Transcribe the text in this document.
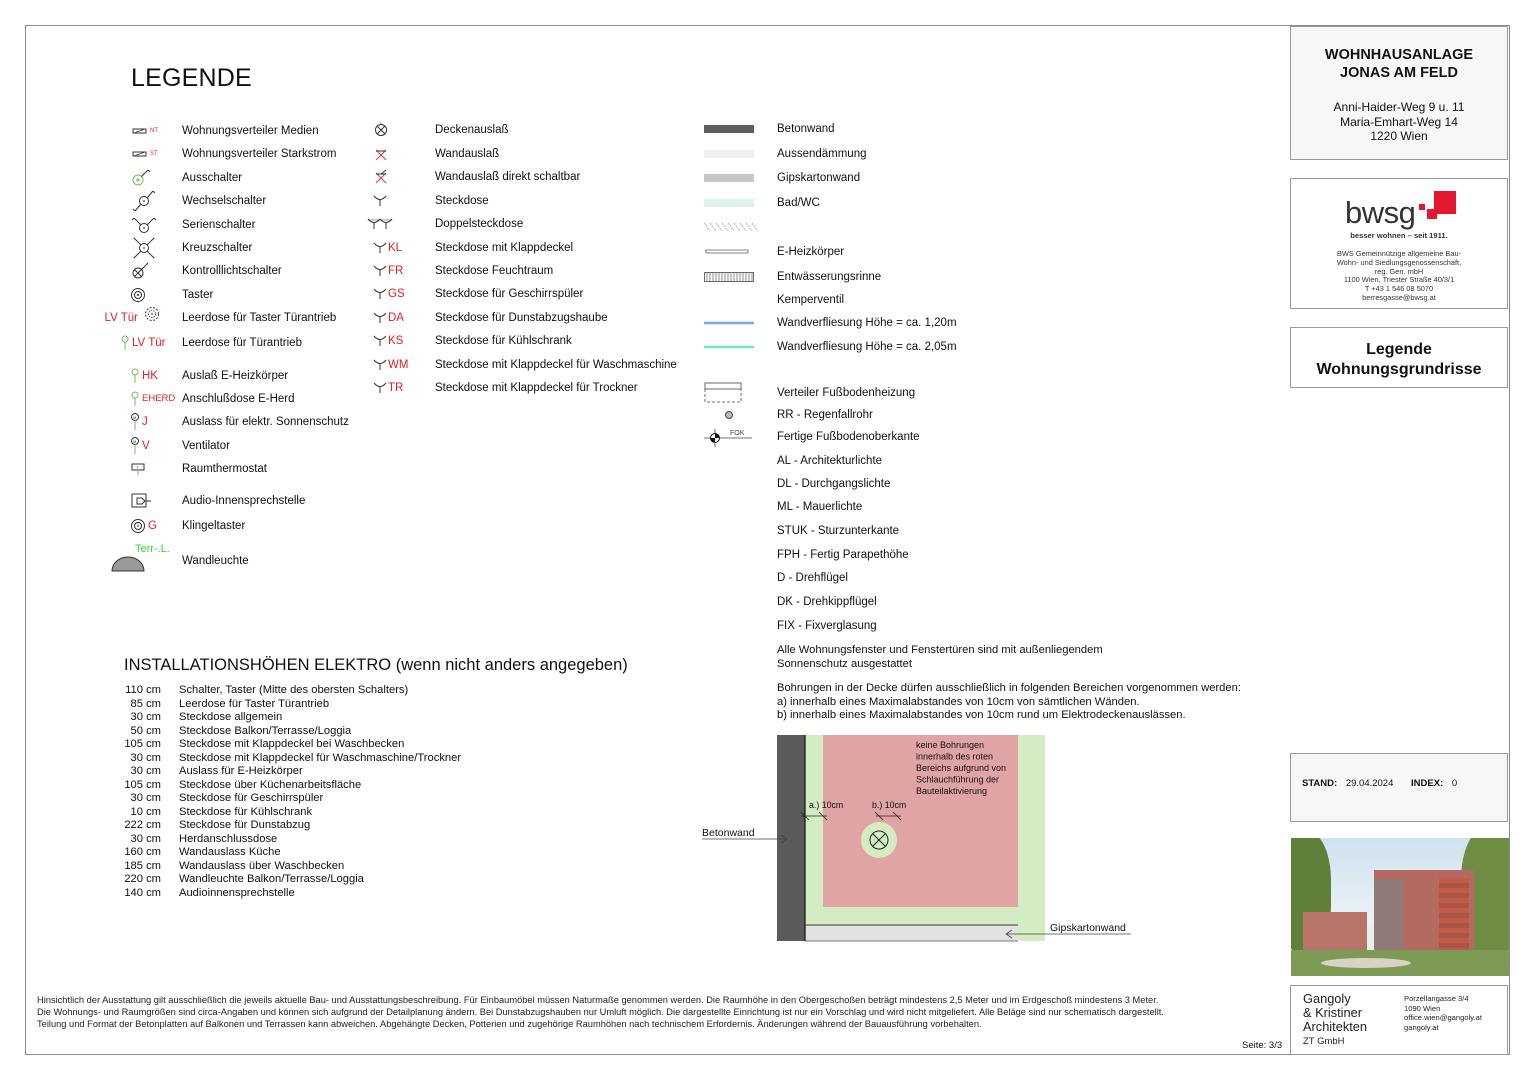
LEGENDE
NT Wohnungsverteiler Medien
ST Wohnungsverteiler Starkstrom
Ausschalter
Wechselschalter
Serienschalter
Kreuzschalter
Kontrolllichtschalter
Taster
LV Tür	Leerdose für Taster Türantrieb
LV Tür Leerdose für Türantrieb
HK Auslaß E-Heizkörper
EHERD Anschlußdose E-Herd
M J	Auslass für elektr. Sonnenschutz
M V	Ventilator
T	Raumthermostat
Audio-Innensprechstelle
G Klingeltaster
Terr-.L.
Wandleuchte
Deckenauslaß
Wandauslaß
Wandauslaß direkt schaltbar
Steckdose
Doppelsteckdose
KL	Steckdose mit Klappdeckel
FR	Steckdose Feuchtraum
GS	Steckdose für Geschirrspüler
DA	Steckdose für Dunstabzugshaube
KS	Steckdose für Kühlschrank
WM Steckdose mit Klappdeckel für Waschmaschine
TR	Steckdose mit Klappdeckel für Trockner
Betonwand
Aussendämmung
Gipskartonwand
Bad/WC
E-Heizkörper
Entwässerungsrinne
Kemperventil
Wandverfliesung Höhe = ca. 1,20m
Wandverfliesung Höhe = ca. 2,05m
Verteiler Fußbodenheizung
RR - Regenfallrohr
FOK	Fertige Fußbodenoberkante
AL - Architekturlichte
DL - Durchgangslichte
ML - Mauerlichte
STUK - Sturzunterkante
FPH - Fertig Parapethöhe
D - Drehflügel
DK - Drehkippflügel
FIX - Fixverglasung
Alle Wohnungsfenster und Fenstertüren sind mit außenliegendem
Sonnenschutz ausgestattet
Bohrungen in der Decke dürfen ausschließlich in folgenden Bereichen vorgenommen werden:
a) innerhalb eines Maximalabstandes von 10cm von sämtlichen Wänden.
b) innerhalb eines Maximalabstandes von 10cm rund um Elektrodeckenauslässen.
a.) 10cm	b.) 10cm
keine Bohrungen
innerhalb des roten
Bereichs aufgrund von
Schlauchführung der
Bauteilaktivierung
Betonwand
Gipskartonwand
INSTALLATIONSHÖHEN ELEKTRO (wenn nicht anders angegeben)
110 cm Schalter, Taster (Mitte des obersten Schalters)
85 cm Leerdose für Taster Türantrieb
30 cm Steckdose allgemein
50 cm Steckdose Balkon/Terrasse/Loggia
105 cm Steckdose mit Klappdeckel bei Waschbecken
30 cm Steckdose mit Klappdeckel für Waschmaschine/Trockner
30 cm Auslass für E-Heizkörper
105 cm Steckdose über Küchenarbeitsfläche
30 cm Steckdose für Geschirrspüler
10 cm Steckdose für Kühlschrank
222 cm Steckdose für Dunstabzug
30 cm Herdanschlussdose
160 cm Wandauslass Küche
185 cm Wandauslass über Waschbecken
220 cm Wandleuchte Balkon/Terrasse/Loggia
140 cm Audioinnensprechstelle
WOHNHAUSANLAGE
JONAS AM FELD
Anni-Haider-Weg 9 u. 11
Maria-Emhart-Weg 14
1220 Wien
bwsg
besser wohnen – seit 1911.
BWS Gemeinnützige allgemeine Bau-
Wohn- und Siedlungsgenossenschaft,
reg. Gen. mbH
1100 Wien, Triester Straße 40/3/1
T +43 1 546 08 5070
berresgasse@bwsg.at
Legende
Wohnungsgrundrisse
STAND: 29.04.2024 INDEX: 0
Gangoly
& Kristiner
Architekten
ZT GmbH
Porzellangasse 3/4
1090 Wien
office.wien@gangoly.at
gangoly.at
Hinsichtlich der Ausstattung gilt ausschließlich die jeweils aktuelle Bau- und Ausstattungsbeschreibung. Für Einbaumöbel müssen Naturmaße genommen werden. Die Raumhöhe in den Obergeschoßen beträgt mindestens 2,5 Meter und im Erdgeschoß mindestens 3 Meter.
Die Wohnungs- und Raumgrößen sind circa-Angaben und können sich aufgrund der Detailplanung ändern. Bei Dunstabzugshauben nur Umluft möglich. Die dargestellte Einrichtung ist nur ein Vorschlag und wird nicht mitgeliefert. Alle Beläge sind nur schematisch dargestellt.
Teilung und Format der Betonplatten auf Balkonen und Terrassen kann abweichen. Abgehängte Decken, Potterien und zugehörige Raumhöhen nach technischem Erfordernis. Änderungen während der Bauausführung vorbehalten.
Seite: 3/3
